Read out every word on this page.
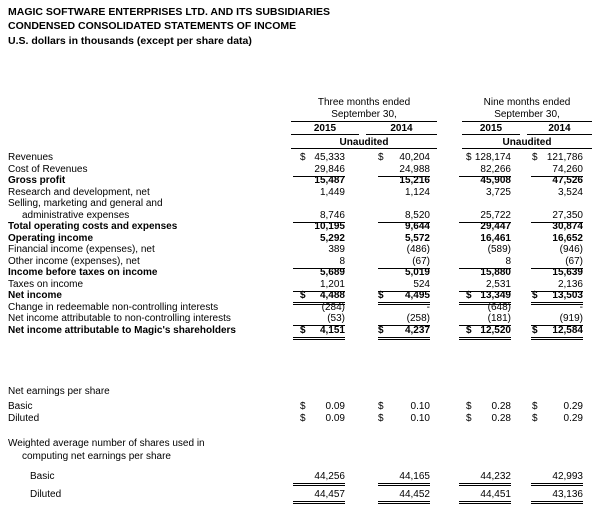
MAGIC SOFTWARE ENTERPRISES LTD. AND ITS SUBSIDIARIES
CONDENSED CONSOLIDATED STATEMENTS OF INCOME
U.S. dollars in thousands (except per share data)
Three months ended
September 30,
Nine months ended
September 30,
2015	2014	2015	2014
Unaudited	Unaudited
Revenues	$ 45,333	$	40,204	$ 128,174 $ 121,786
Cost of Revenues	29,846	24,988	82,266	74,260
Gross profit	15,487	15,216	45,908	47,526
Research and development, net	1,449	1,124	3,725	3,524
Selling, marketing and general and
administrative expenses	8,746	8,520	25,722	27,350
Total operating costs and expenses	10,195	9,644	29,447	30,874
Operating income	5,292	5,572	16,461	16,652
Financial income (expenses), net	389	(486)	(589)	(946)
Other income (expenses), net	8	(67)	8	(67)
Income before taxes on income	5,689	5,019	15,880	15,639
Taxes on income	1,201	524	2,531	2,136
Net income	$	4,488	$	4,495	$ 13,349 $	13,503
Change in redeemable non-controlling interests	(284)	-	(648)	-
Net income attributable to non-controlling interests	(53)	(258)	(181)	(919)
Net income attributable to Magic's shareholders	$	4,151	$	4,237	$ 12,520 $	12,584
Net earnings per share
Basic	$	0.09	$	0.10	$	0.28 $	0.29
Diluted	$	0.09	$	0.10	$	0.28 $	0.29
Weighted average number of shares used in
computing net earnings per share
Basic	44,256	44,165	44,232	42,993
Diluted	44,457	44,452	44,451	43,136
